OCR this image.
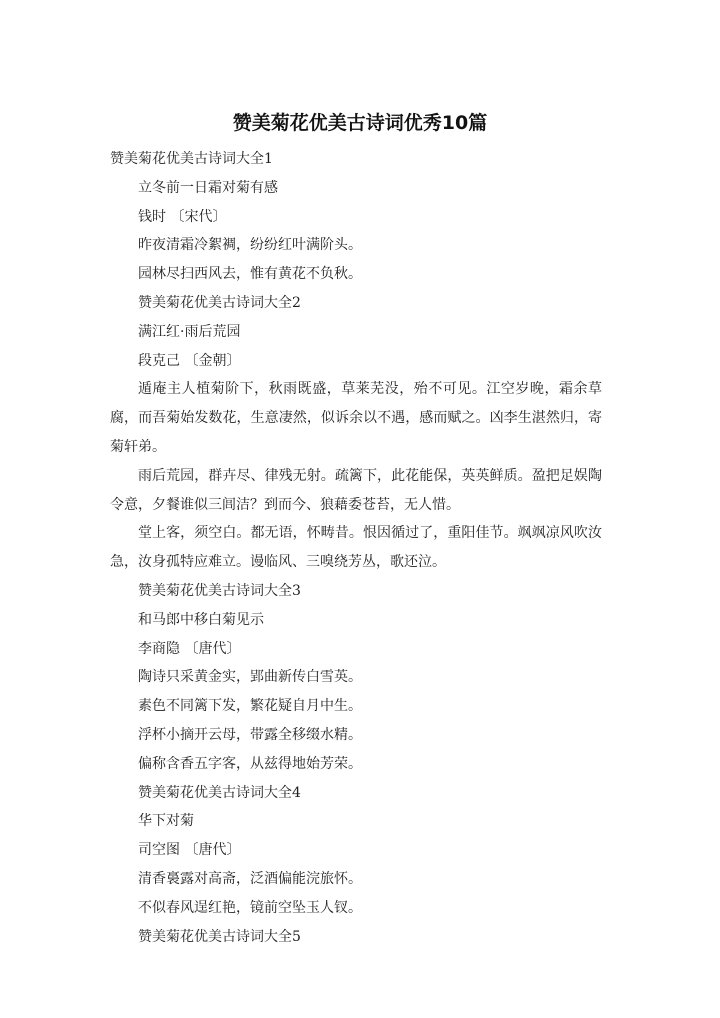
赞美菊花优美古诗词优秀10篇

赞美菊花优美古诗词大全1

立冬前一日霜对菊有感

钱时 〔宋代〕

昨夜清霜冷絮裯，纷纷红叶满阶头。

园林尽扫西风去，惟有黄花不负秋。

赞美菊花优美古诗词大全2

满江红·雨后荒园

段克己 〔金朝〕

遁庵主人植菊阶下，秋雨既盛，草莱芜没，殆不可见。江空岁晚，霜余草腐，而吾菊始发数花，生意凄然，似诉余以不遇，感而赋之。凶李生湛然归，寄菊轩弟。

雨后荒园，群卉尽、律残无射。疏篱下，此花能保，英英鲜质。盈把足娱陶令意，夕餐谁似三闾洁？到而今、狼藉委苍苔，无人惜。

堂上客，须空白。都无语，怀畴昔。恨因循过了，重阳佳节。飒飒凉风吹汝急，汝身孤特应难立。谩临风、三嗅绕芳丛，歌还泣。

赞美菊花优美古诗词大全3

和马郎中移白菊见示

李商隐 〔唐代〕

陶诗只采黄金实，郢曲新传白雪英。

素色不同篱下发，繁花疑自月中生。

浮杯小摘开云母，带露全移缀水精。

偏称含香五字客，从兹得地始芳荣。

赞美菊花优美古诗词大全4

华下对菊

司空图 〔唐代〕

清香裛露对高斋，泛酒偏能浣旅怀。

不似春风逞红艳，镜前空坠玉人钗。

赞美菊花优美古诗词大全5
